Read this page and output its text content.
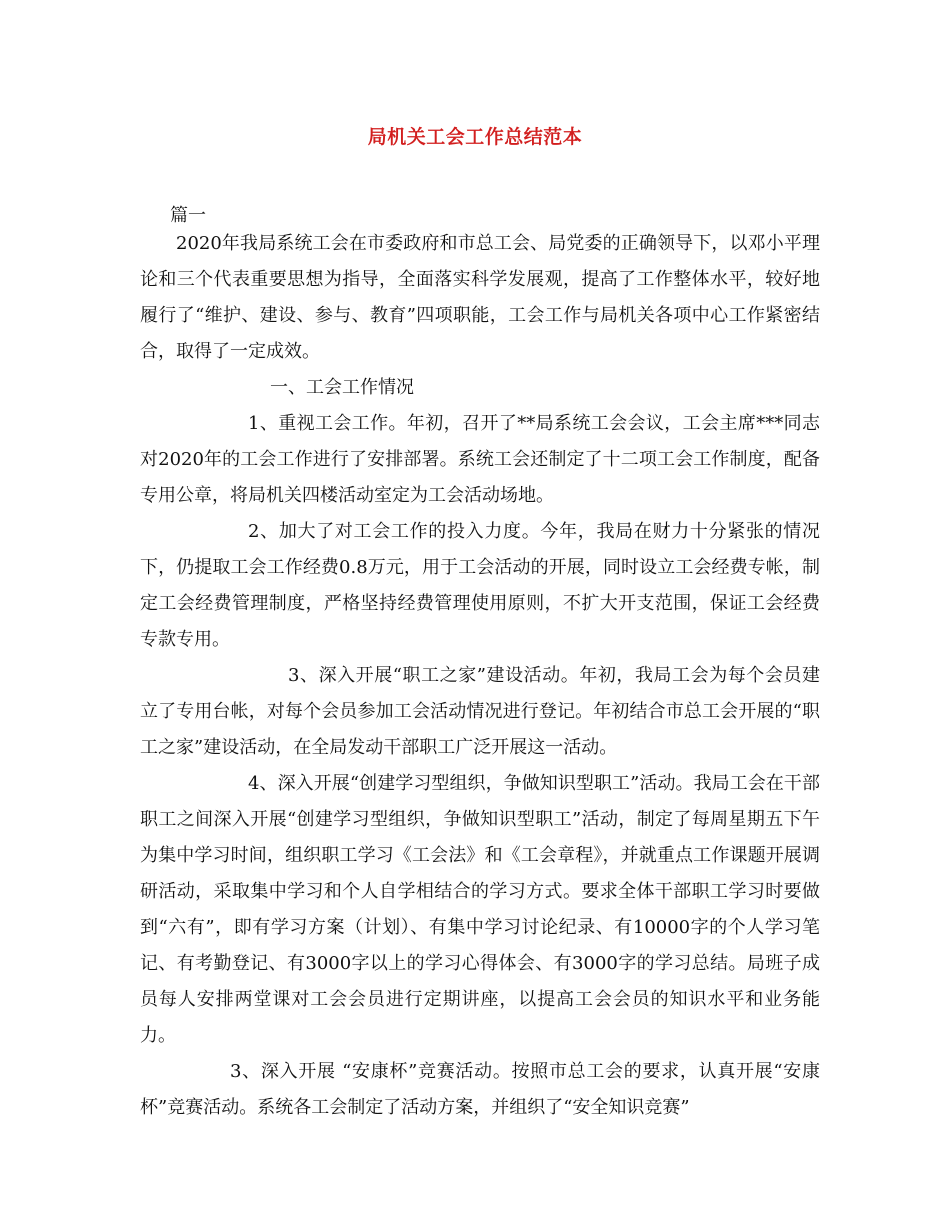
局机关工会工作总结范本
篇一

2020年我局系统工会在市委政府和市总工会、局党委的正确领导下，以邓小平理论和三个代表重要思想为指导，全面落实科学发展观，提高了工作整体水平，较好地履行了“维护、建设、参与、教育”四项职能，工会工作与局机关各项中心工作紧密结合，取得了一定成效。

一、工会工作情况

1、重视工会工作。年初，召开了**局系统工会会议，工会主席***同志对2020年的工会工作进行了安排部署。系统工会还制定了十二项工会工作制度，配备专用公章，将局机关四楼活动室定为工会活动场地。

2、加大了对工会工作的投入力度。今年，我局在财力十分紧张的情况下，仍提取工会工作经费0.8万元，用于工会活动的开展，同时设立工会经费专帐，制定工会经费管理制度，严格坚持经费管理使用原则，不扩大开支范围，保证工会经费专款专用。

3、深入开展“职工之家”建设活动。年初，我局工会为每个会员建立了专用台帐，对每个会员参加工会活动情况进行登记。年初结合市总工会开展的“职工之家”建设活动，在全局发动干部职工广泛开展这一活动。

4、深入开展“创建学习型组织，争做知识型职工”活动。我局工会在干部职工之间深入开展“创建学习型组织，争做知识型职工”活动，制定了每周星期五下午为集中学习时间，组织职工学习《工会法》和《工会章程》，并就重点工作课题开展调研活动，采取集中学习和个人自学相结合的学习方式。要求全体干部职工学习时要做到“六有”，即有学习方案（计划）、有集中学习讨论纪录、有10000字的个人学习笔记、有考勤登记、有3000字以上的学习心得体会、有3000字的学习总结。局班子成员每人安排两堂课对工会会员进行定期讲座，以提高工会会员的知识水平和业务能力。

3、深入开展 “安康杯”竞赛活动。按照市总工会的要求，认真开展“安康杯”竞赛活动。系统各工会制定了活动方案，并组织了“安全知识竞赛”
